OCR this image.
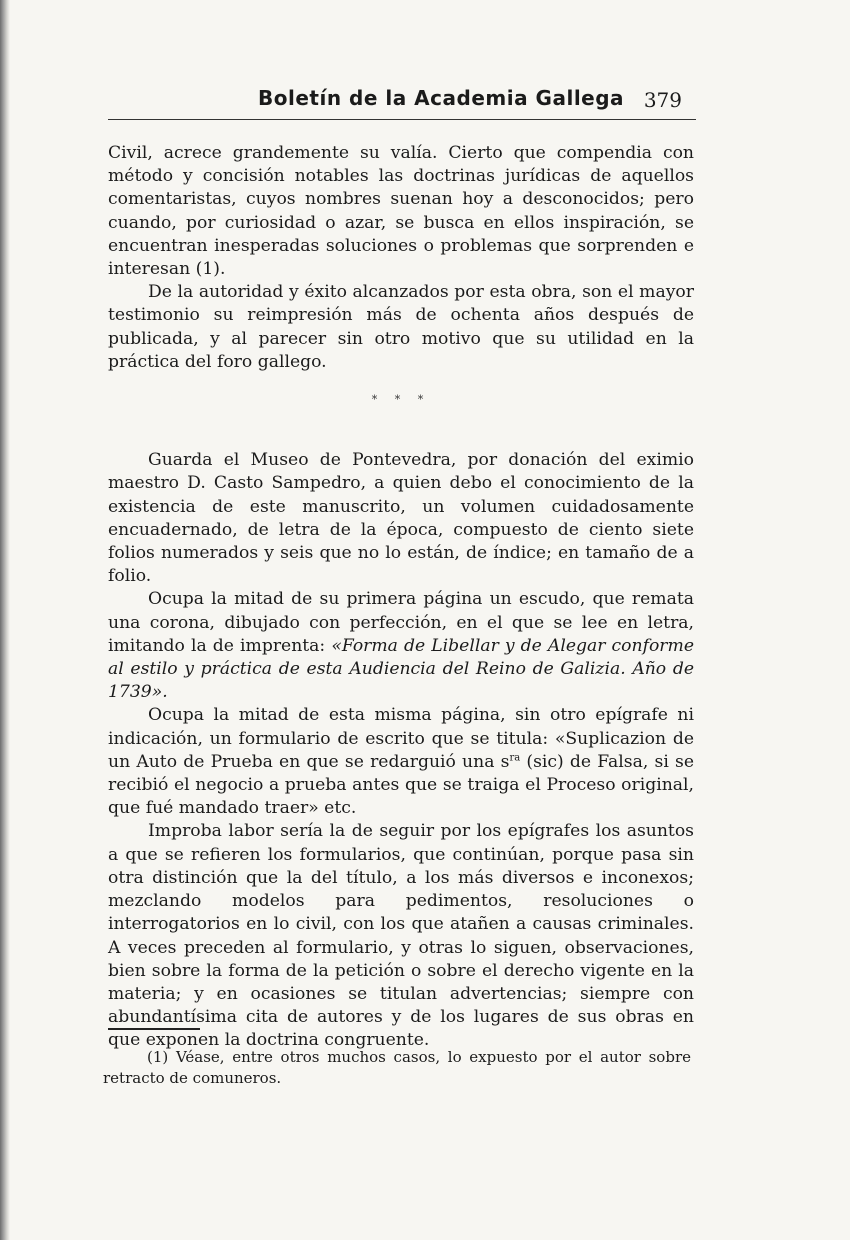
Boletín de la Academia Gallega 379

Civil, acrece grandemente su valía. Cierto que compendia con método y concisión notables las doctrinas jurídicas de aquellos comentaristas, cuyos nombres suenan hoy a desconocidos; pero cuando, por curiosidad o azar, se busca en ellos inspiración, se encuentran inesperadas soluciones o problemas que sorprenden e interesan (1).

De la autoridad y éxito alcanzados por esta obra, son el mayor testimonio su reimpresión más de ochenta años después de publicada, y al parecer sin otro motivo que su utilidad en la práctica del foro gallego.

* * *

Guarda el Museo de Pontevedra, por donación del eximio maestro D. Casto Sampedro, a quien debo el conocimiento de la existencia de este manuscrito, un volumen cuidadosamente encuadernado, de letra de la época, compuesto de ciento siete folios numerados y seis que no lo están, de índice; en tamaño de a folio.

Ocupa la mitad de su primera página un escudo, que remata una corona, dibujado con perfección, en el que se lee en letra, imitando la de imprenta: «Forma de Libellar y de Alegar conforme al estilo y práctica de esta Audiencia del Reino de Galizia. Año de 1739».

Ocupa la mitad de esta misma página, sin otro epígrafe ni indicación, un formulario de escrito que se titula: «Suplicazion de un Auto de Prueba en que se redarguió una $s^{ra}$ (sic) de Falsa, si se recibió el negocio a prueba antes que se traiga el Proceso original, que fué mandado traer» etc.

Improba labor sería la de seguir por los epígrafes los asuntos a que se refieren los formularios, que continúan, porque pasa sin otra distinción que la del título, a los más diversos e inconexos; mezclando modelos para pedimentos, resoluciones o interrogatorios en lo civil, con los que atañen a causas criminales. A veces preceden al formulario, y otras lo siguen, observaciones, bien sobre la forma de la petición o sobre el derecho vigente en la materia; y en ocasiones se titulan advertencias; siempre con abundantísima cita de autores y de los lugares de sus obras en que exponen la doctrina congruente.

(1) Véase, entre otros muchos casos, lo expuesto por el autor sobre retracto de comuneros.
